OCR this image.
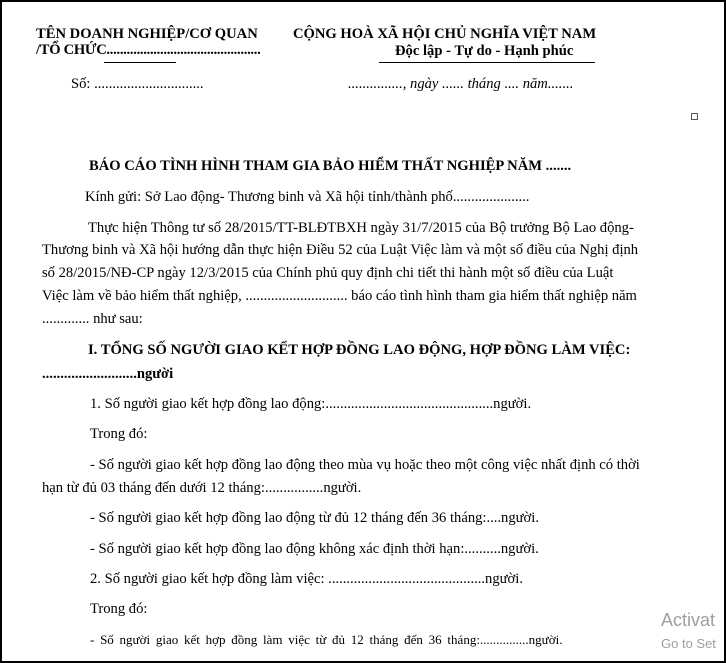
TÊN DOANH NGHIỆP/CƠ QUAN
/TỔ CHỨC..............................................
CỘNG HOÀ XÃ HỘI CHỦ NGHĨA VIỆT NAM
Độc lập - Tự do - Hạnh phúc
Số: ..............................	..............., ngày ...... tháng .... năm.......
BÁO CÁO TÌNH HÌNH THAM GIA BẢO HIỂM THẤT NGHIỆP NĂM .......
Kính gửi: Sở Lao động- Thương binh và Xã hội tỉnh/thành phố.....................
Thực hiện Thông tư số 28/2015/TT-BLĐTBXH ngày 31/7/2015 của Bộ trưởng Bộ Lao động-
Thương binh và Xã hội hướng dẫn thực hiện Điều 52 của Luật Việc làm và một số điều của Nghị định
số 28/2015/NĐ-CP ngày 12/3/2015 của Chính phủ quy định chi tiết thi hành một số điều của Luật
Việc làm về bảo hiểm thất nghiệp, ............................ báo cáo tình hình tham gia hiểm thất nghiệp năm
............. như sau:
I. TỔNG SỐ NGƯỜI GIAO KẾT HỢP ĐỒNG LAO ĐỘNG, HỢP ĐỒNG LÀM VIỆC:
..........................người
1. Số người giao kết hợp đồng lao động:..............................................người.
Trong đó:
- Số người giao kết hợp đồng lao động theo mùa vụ hoặc theo một công việc nhất định có thời
hạn từ đủ 03 tháng đến dưới 12 tháng:................người.
- Số người giao kết hợp đồng lao động từ đủ 12 tháng đến 36 tháng:....người.
- Số người giao kết hợp đồng lao động không xác định thời hạn:..........người.
2. Số người giao kết hợp đồng làm việc: ...........................................người.
Trong đó:
- Số người giao kết hợp đồng làm việc từ đủ 12 tháng đến 36 tháng:...............người.
Activat
Go to Set
